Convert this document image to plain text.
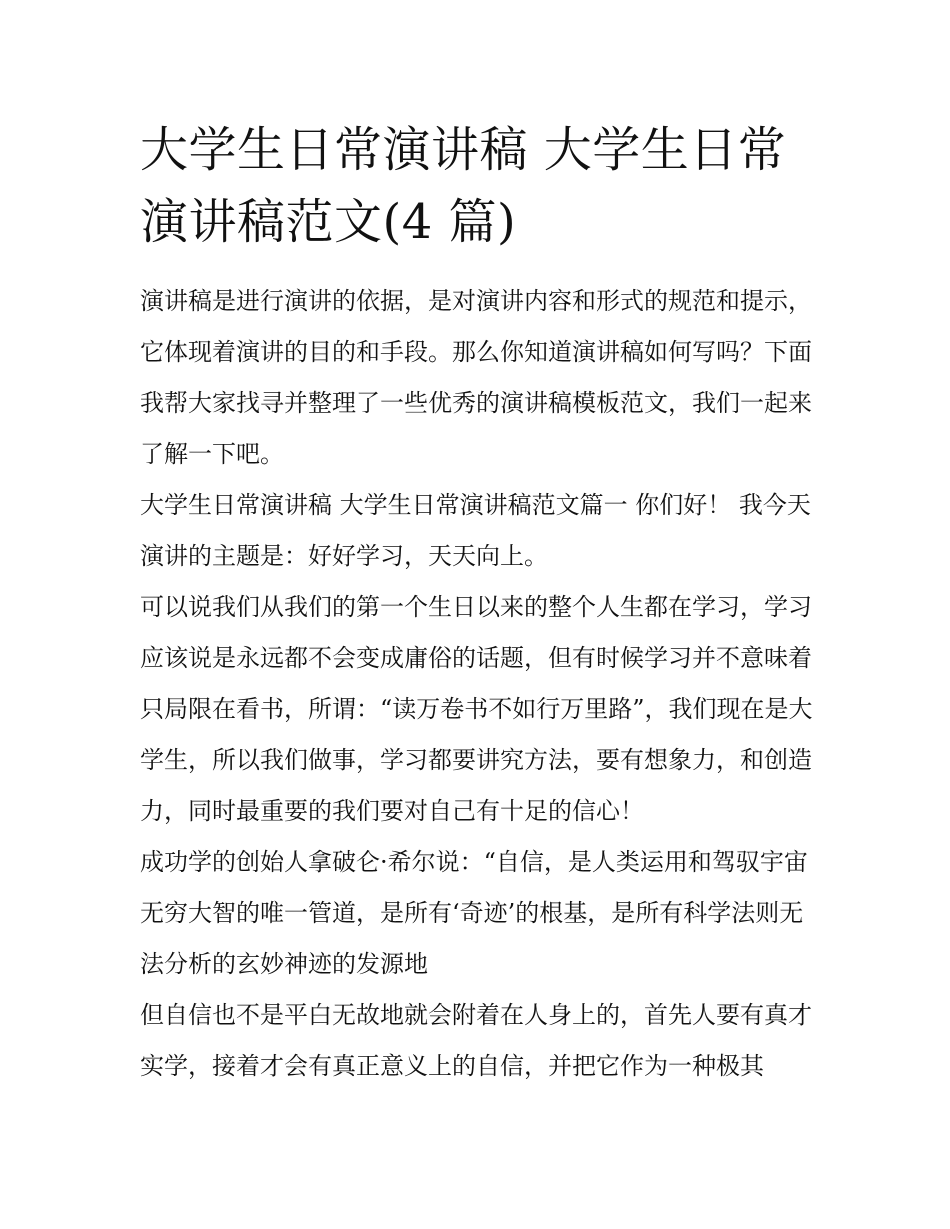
大学生日常演讲稿 大学生日常演讲稿范文(4 篇)

演讲稿是进行演讲的依据，是对演讲内容和形式的规范和提示，它体现着演讲的目的和手段。那么你知道演讲稿如何写吗？下面我帮大家找寻并整理了一些优秀的演讲稿模板范文，我们一起来了解一下吧。

大学生日常演讲稿 大学生日常演讲稿范文篇一 你们好！ 我今天演讲的主题是：好好学习，天天向上。

可以说我们从我们的第一个生日以来的整个人生都在学习，学习应该说是永远都不会变成庸俗的话题，但有时候学习并不意味着只局限在看书，所谓：“读万卷书不如行万里路”，我们现在是大学生，所以我们做事，学习都要讲究方法，要有想象力，和创造力，同时最重要的我们要对自己有十足的信心！

成功学的创始人拿破仑·希尔说：“自信，是人类运用和驾驭宇宙无穷大智的唯一管道，是所有‘奇迹’的根基，是所有科学法则无法分析的玄妙神迹的发源地

但自信也不是平白无故地就会附着在人身上的，首先人要有真才实学，接着才会有真正意义上的自信，并把它作为一种极其
